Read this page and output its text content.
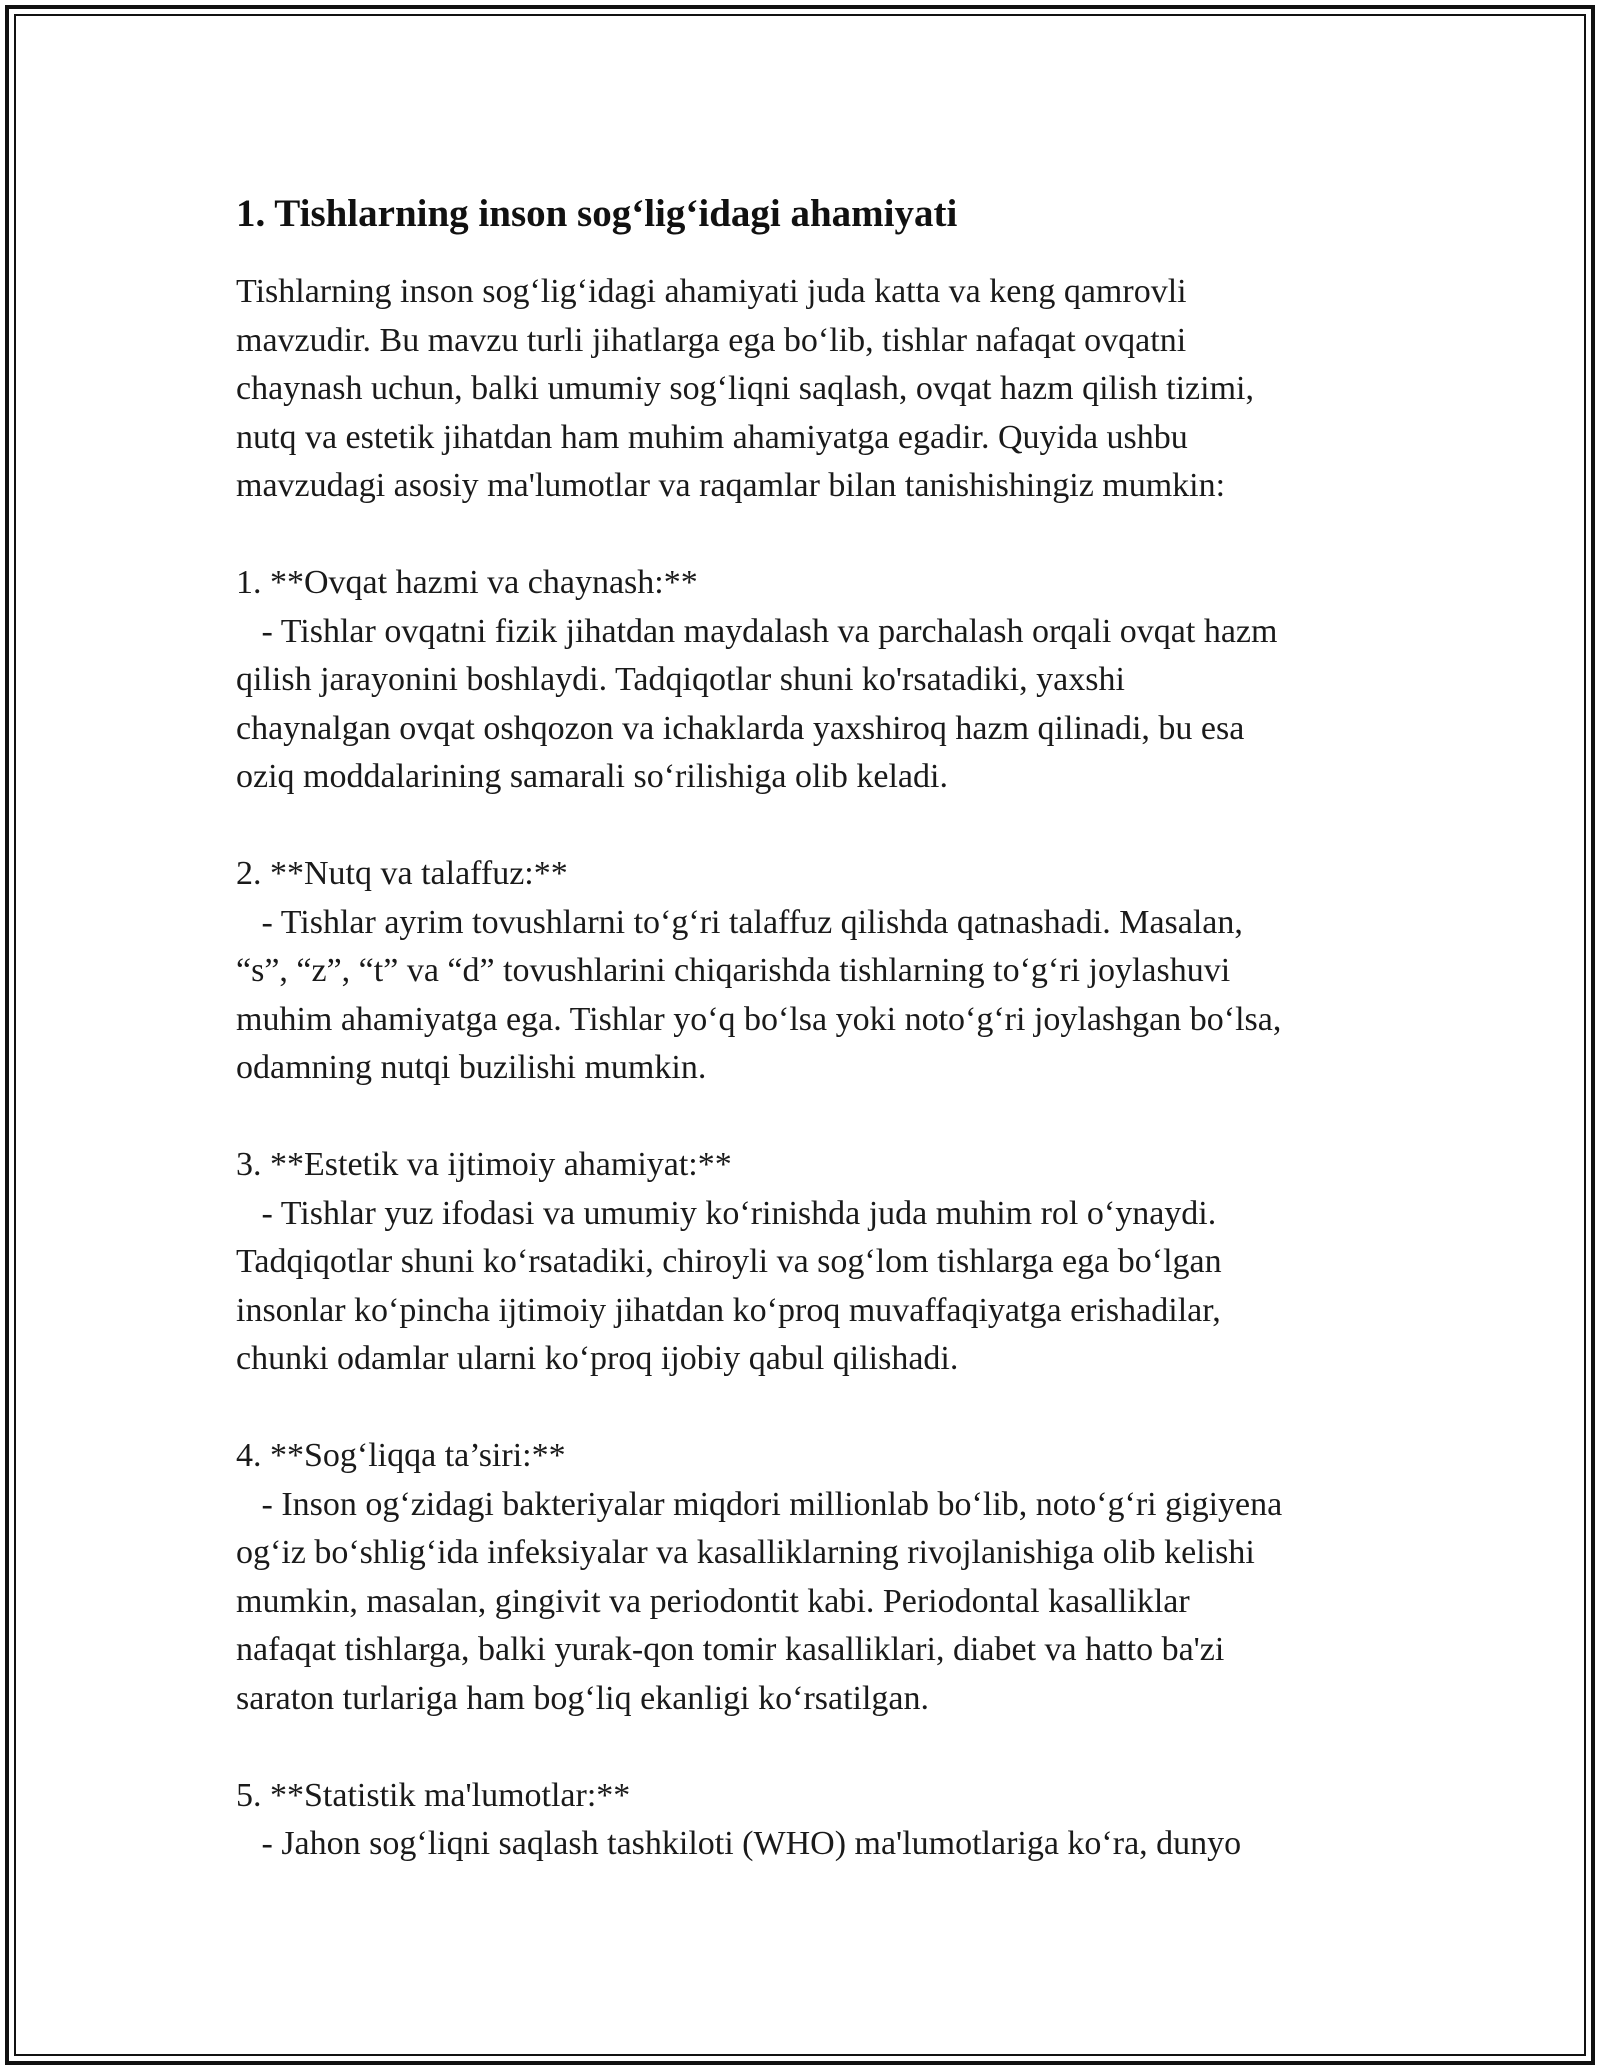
1. Tishlarning inson sog‘lig‘idagi ahamiyati

Tishlarning inson sog‘lig‘idagi ahamiyati juda katta va keng qamrovli
mavzudir. Bu mavzu turli jihatlarga ega bo‘lib, tishlar nafaqat ovqatni
chaynash uchun, balki umumiy sog‘liqni saqlash, ovqat hazm qilish tizimi,
nutq va estetik jihatdan ham muhim ahamiyatga egadir. Quyida ushbu
mavzudagi asosiy ma'lumotlar va raqamlar bilan tanishishingiz mumkin:

1. **Ovqat hazmi va chaynash:**

- Tishlar ovqatni fizik jihatdan maydalash va parchalash orqali ovqat hazm
qilish jarayonini boshlaydi. Tadqiqotlar shuni ko'rsatadiki, yaxshi
chaynalgan ovqat oshqozon va ichaklarda yaxshiroq hazm qilinadi, bu esa
oziq moddalarining samarali so‘rilishiga olib keladi.

2. **Nutq va talaffuz:**

- Tishlar ayrim tovushlarni to‘g‘ri talaffuz qilishda qatnashadi. Masalan,
“s”, “z”, “t” va “d” tovushlarini chiqarishda tishlarning to‘g‘ri joylashuvi
muhim ahamiyatga ega. Tishlar yo‘q bo‘lsa yoki noto‘g‘ri joylashgan bo‘lsa,
odamning nutqi buzilishi mumkin.

3. **Estetik va ijtimoiy ahamiyat:**

- Tishlar yuz ifodasi va umumiy ko‘rinishda juda muhim rol o‘ynaydi.
Tadqiqotlar shuni ko‘rsatadiki, chiroyli va sog‘lom tishlarga ega bo‘lgan
insonlar ko‘pincha ijtimoiy jihatdan ko‘proq muvaffaqiyatga erishadilar,
chunki odamlar ularni ko‘proq ijobiy qabul qilishadi.

4. **Sog‘liqqa ta’siri:**

- Inson og‘zidagi bakteriyalar miqdori millionlab bo‘lib, noto‘g‘ri gigiyena
og‘iz bo‘shlig‘ida infeksiyalar va kasalliklarning rivojlanishiga olib kelishi
mumkin, masalan, gingivit va periodontit kabi. Periodontal kasalliklar
nafaqat tishlarga, balki yurak-qon tomir kasalliklari, diabet va hatto ba'zi
saraton turlariga ham bog‘liq ekanligi ko‘rsatilgan.

5. **Statistik ma'lumotlar:**

- Jahon sog‘liqni saqlash tashkiloti (WHO) ma'lumotlariga ko‘ra, dunyo
